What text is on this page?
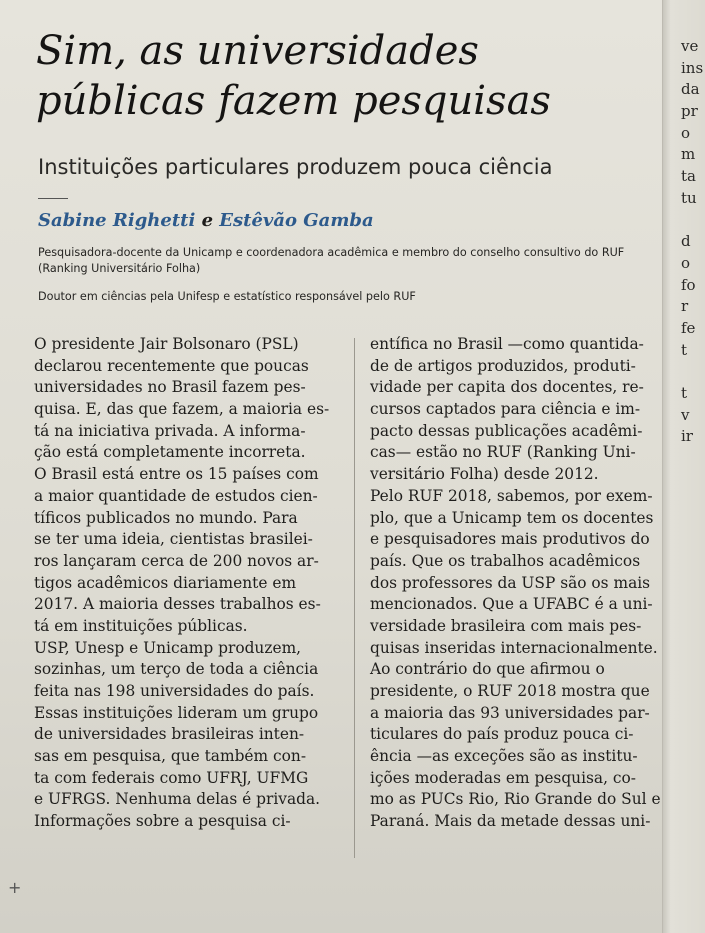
Sim, as universidades
públicas fazem pesquisas

Instituições particulares produzem pouca ciência

Sabine Righetti e Estêvão Gamba

Pesquisadora-docente da Unicamp e coordenadora acadêmica e membro do conselho consultivo do RUF (Ranking Universitário Folha)

Doutor em ciências pela Unifesp e estatístico responsável pelo RUF

O presidente Jair Bolsonaro (PSL)
declarou recentemente que poucas
universidades no Brasil fazem pes-
quisa. E, das que fazem, a maioria es-
tá na iniciativa privada. A informa-
ção está completamente incorreta.
O Brasil está entre os 15 países com
a maior quantidade de estudos cien-
tíficos publicados no mundo. Para
se ter uma ideia, cientistas brasilei-
ros lançaram cerca de 200 novos ar-
tigos acadêmicos diariamente em
2017. A maioria desses trabalhos es-
tá em instituições públicas.
USP, Unesp e Unicamp produzem,
sozinhas, um terço de toda a ciência
feita nas 198 universidades do país.
Essas instituições lideram um grupo
de universidades brasileiras inten-
sas em pesquisa, que também con-
ta com federais como UFRJ, UFMG
e UFRGS. Nenhuma delas é privada.
Informações sobre a pesquisa ci-
entífica no Brasil —como quantida-
de de artigos produzidos, produti-
vidade per capita dos docentes, re-
cursos captados para ciência e im-
pacto dessas publicações acadêmi-
cas— estão no RUF (Ranking Uni-
versitário Folha) desde 2012.
Pelo RUF 2018, sabemos, por exem-
plo, que a Unicamp tem os docentes
e pesquisadores mais produtivos do
país. Que os trabalhos acadêmicos
dos professores da USP são os mais
mencionados. Que a UFABC é a uni-
versidade brasileira com mais pes-
quisas inseridas internacionalmente.
Ao contrário do que afirmou o
presidente, o RUF 2018 mostra que
a maioria das 93 universidades par-
ticulares do país produz pouca ci-
ência —as exceções são as institu-
ições moderadas em pesquisa, co-
mo as PUCs Rio, Rio Grande do Sul e
Paraná. Mais da metade dessas uni-
ve
ins
da
pr
o
m
ta
tu
d
o
fo
r
fe
t
t
v
ir
+
